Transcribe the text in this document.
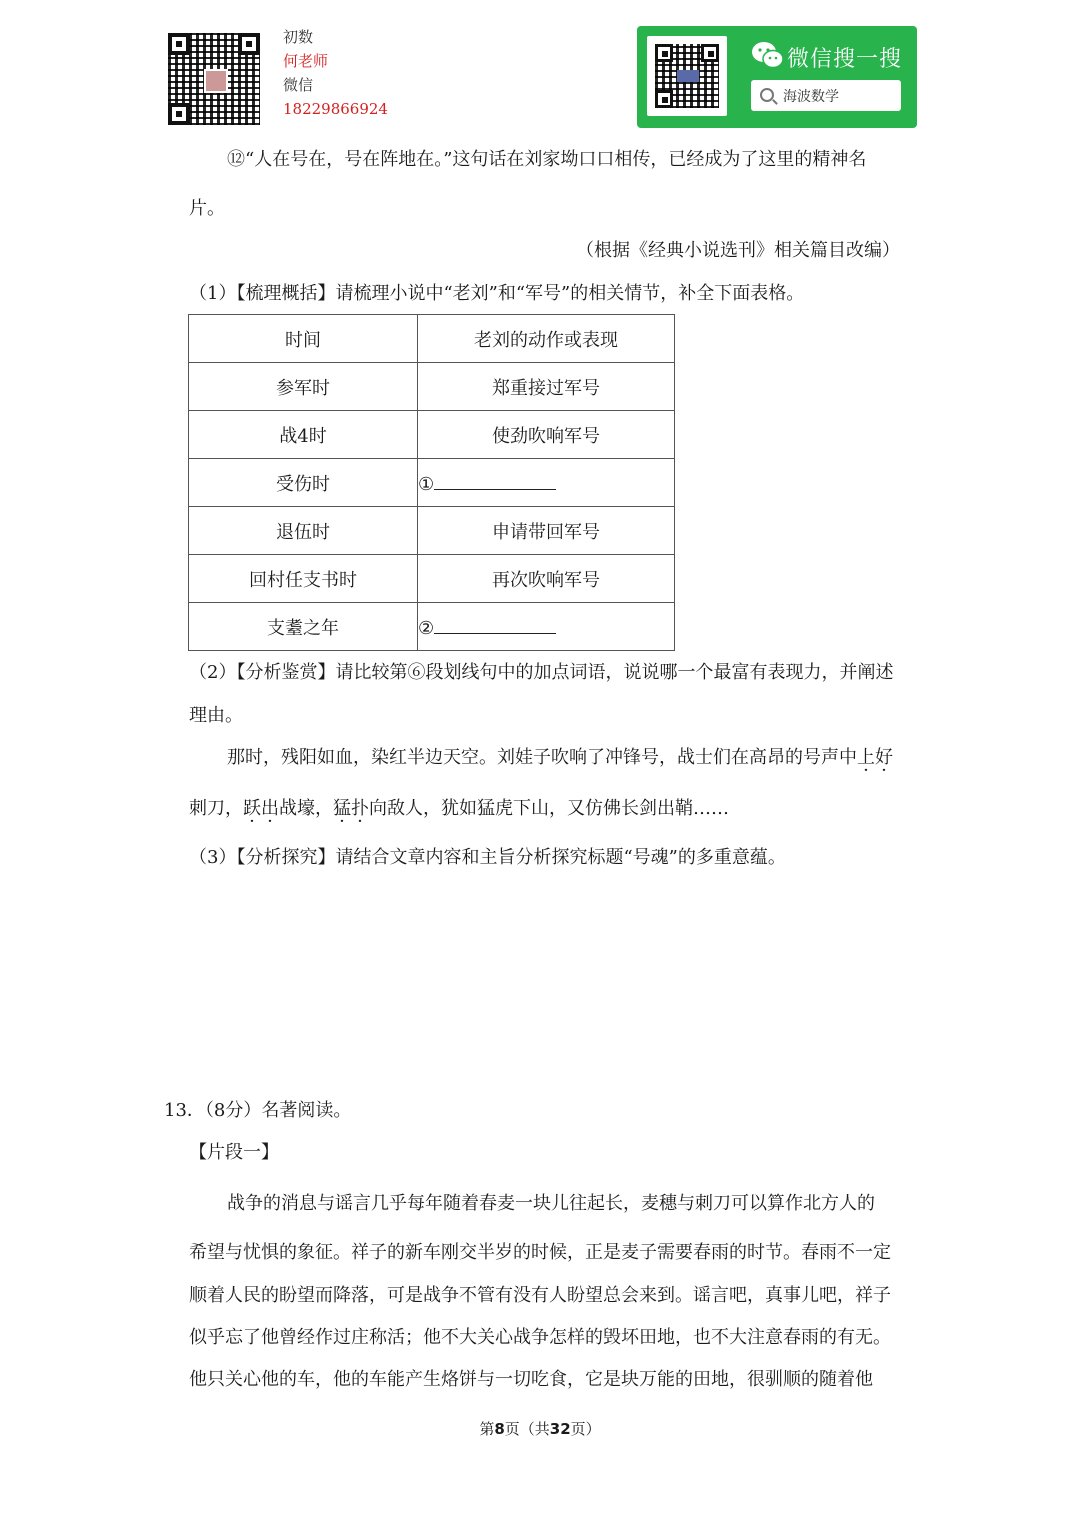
初数
何老师
微信
18229866924
微信搜一搜
海波数学
⑫“人在号在，号在阵地在。”这句话在刘家坳口口相传，已经成为了这里的精神名
片。
（根据《经典小说选刊》相关篇目改编）
（1）【梳理概括】请梳理小说中“老刘”和“军号”的相关情节，补全下面表格。
时间	老刘的动作或表现
参军时	郑重接过军号
战4时	使劲吹响军号
受伤时	①
退伍时	申请带回军号
回村任支书时	再次吹响军号
支耋之年	②
（2）【分析鉴赏】请比较第⑥段划线句中的加点词语，说说哪一个最富有表现力，并阐述
理由。
那时，残阳如血，染红半边天空。刘娃子吹响了冲锋号，战士们在高昂的号声中上好
刺刀，跃出战壕，猛扑向敌人，犹如猛虎下山，又仿佛长剑出鞘……
（3）【分析探究】请结合文章内容和主旨分析探究标题“号魂”的多重意蕴。
13．（8分）名著阅读。
【片段一】
战争的消息与谣言几乎每年随着春麦一块儿往起长，麦穗与刺刀可以算作北方人的
希望与忧惧的象征。祥子的新车刚交半岁的时候，正是麦子需要春雨的时节。春雨不一定
顺着人民的盼望而降落，可是战争不管有没有人盼望总会来到。谣言吧，真事儿吧，祥子
似乎忘了他曾经作过庄称活；他不大关心战争怎样的毁坏田地，也不大注意春雨的有无。
他只关心他的车，他的车能产生烙饼与一切吃食，它是块万能的田地，很驯顺的随着他
第8页（共32页）
